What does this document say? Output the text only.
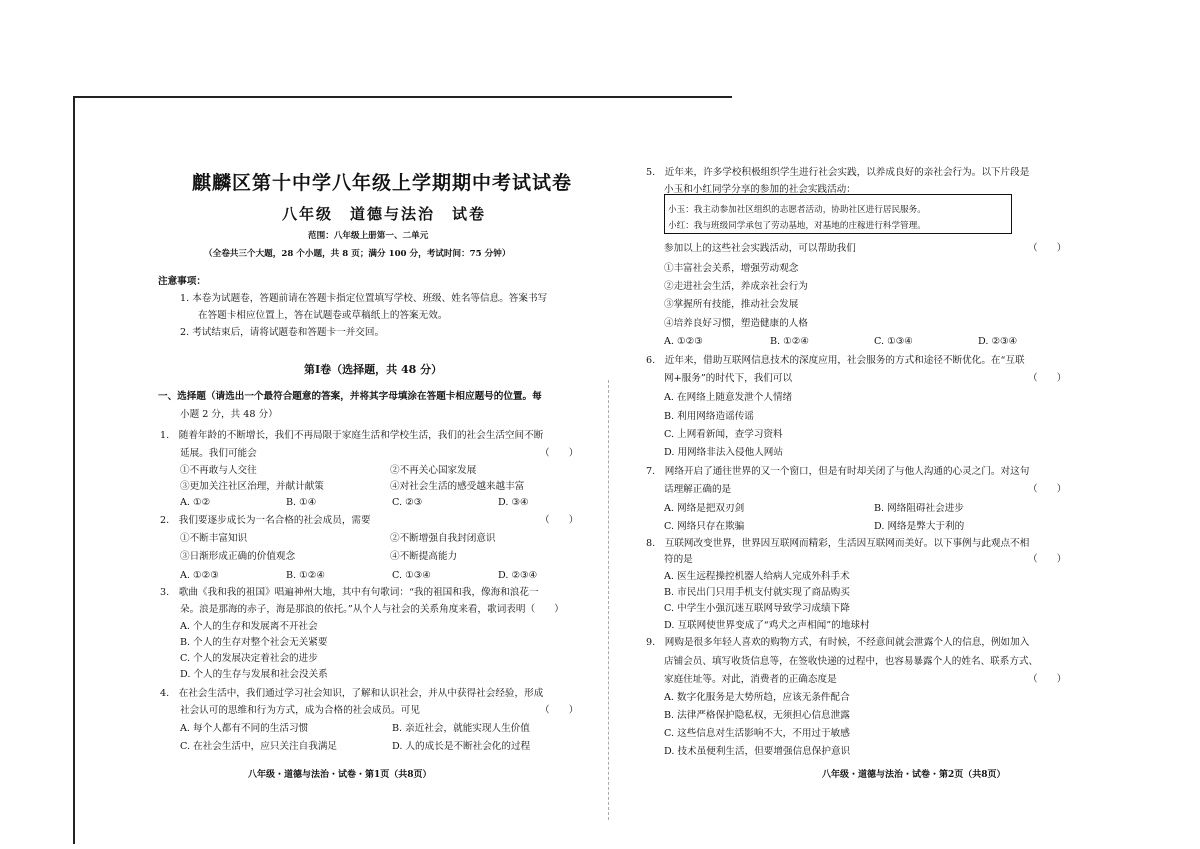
麒麟区第十中学八年级上学期期中考试试卷
八年级　道德与法治　试卷
范围：八年级上册第一、二单元
（全卷共三个大题，28 个小题，共 8 页；满分 100 分，考试时间：75 分钟）
注意事项：
1. 本卷为试题卷，答题前请在答题卡指定位置填写学校、班级、姓名等信息。答案书写
在答题卡相应位置上，答在试题卷或草稿纸上的答案无效。
2. 考试结束后，请将试题卷和答题卡一并交回。
第Ⅰ卷（选择题，共 48 分）
一、选择题（请选出一个最符合题意的答案，并将其字母填涂在答题卡相应题号的位置。每
小题 2 分，共 48 分）
1.　随着年龄的不断增长，我们不再局限于家庭生活和学校生活，我们的社会生活空间不断
延展。我们可能会	（　　）
①不再敢与人交往	②不再关心国家发展
③更加关注社区治理，并献计献策	④对社会生活的感受越来越丰富
A. ①②	B. ①④	C. ②③	D. ③④
2.　我们要逐步成长为一名合格的社会成员，需要	（　　）
①不断丰富知识	②不断增强自我封闭意识
③日渐形成正确的价值观念	④不断提高能力
A. ①②③	B. ①②④	C. ①③④	D. ②③④
3.　歌曲《我和我的祖国》唱遍神州大地，其中有句歌词：“我的祖国和我，像海和浪花一
朵。浪是那海的赤子，海是那浪的依托。”从个人与社会的关系角度来看，歌词表明（　　）
A. 个人的生存和发展离不开社会
B. 个人的生存对整个社会无关紧要
C. 个人的发展决定着社会的进步
D. 个人的生存与发展和社会没关系
4.　在社会生活中，我们通过学习社会知识，了解和认识社会，并从中获得社会经验，形成
社会认可的思维和行为方式，成为合格的社会成员。可见	（　　）
A. 每个人都有不同的生活习惯	B. 亲近社会，就能实现人生价值
C. 在社会生活中，应只关注自我满足	D. 人的成长是不断社会化的过程
八年级・道德与法治・试卷・第1页（共8页）
5.　近年来，许多学校积极组织学生进行社会实践，以养成良好的亲社会行为。以下片段是
小玉和小红同学分享的参加的社会实践活动：
小玉：我主动参加社区组织的志愿者活动，协助社区进行居民服务。
小红：我与班级同学承包了劳动基地，对基地的庄稼进行科学管理。
参加以上的这些社会实践活动，可以帮助我们	（　　）
①丰富社会关系，增强劳动观念
②走进社会生活，养成亲社会行为
③掌握所有技能，推动社会发展
④培养良好习惯，塑造健康的人格
A. ①②③	B. ①②④	C. ①③④	D. ②③④
6.　近年来，借助互联网信息技术的深度应用，社会服务的方式和途径不断优化。在“互联
网+服务”的时代下，我们可以	（　　）
A. 在网络上随意发泄个人情绪
B. 利用网络造谣传谣
C. 上网看新闻，查学习资料
D. 用网络非法入侵他人网站
7.　网络开启了通往世界的又一个窗口，但是有时却关闭了与他人沟通的心灵之门。对这句
话理解正确的是	（　　）
A. 网络是把双刃剑	B. 网络阻碍社会进步
C. 网络只存在欺骗	D. 网络是弊大于利的
8.　互联网改变世界，世界因互联网而精彩，生活因互联网而美好。以下事例与此观点不相
符的是	（　　）
A. 医生远程操控机器人给病人完成外科手术
B. 市民出门只用手机支付就实现了商品购买
C. 中学生小强沉迷互联网导致学习成绩下降
D. 互联网使世界变成了“鸡犬之声相闻”的地球村
9.　网购是很多年轻人喜欢的购物方式，有时候，不经意间就会泄露个人的信息，例如加入
店铺会员、填写收货信息等，在签收快递的过程中，也容易暴露个人的姓名、联系方式、
家庭住址等。对此，消费者的正确态度是	（　　）
A. 数字化服务是大势所趋，应该无条件配合
B. 法律严格保护隐私权，无须担心信息泄露
C. 这些信息对生活影响不大，不用过于敏感
D. 技术虽便利生活，但要增强信息保护意识
八年级・道德与法治・试卷・第2页（共8页）
